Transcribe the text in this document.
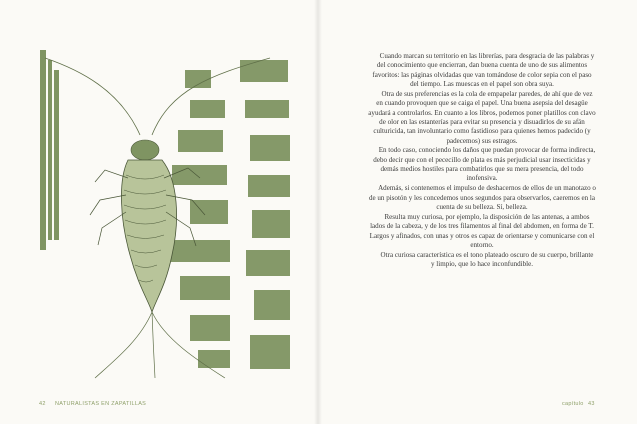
Cuando marcan su territorio en las librerías, para desgracia de las palabras y del conocimiento que encierran, dan buena cuenta de uno de sus alimentos favoritos: las páginas olvidadas que van tomándose de color sepia con el paso del tiempo. Las muescas en el papel son obra suya.

Otra de sus preferencias es la cola de empapelar paredes, de ahí que de vez en cuando provoquen que se caiga el papel. Una buena asepsia del desagüe ayudará a controlarlos. En cuanto a los libros, podemos poner platillos con clavo de olor en las estanterías para evitar su presencia y disuadirlos de su afán culturicida, tan involuntario como fastidioso para quienes hemos padecido (y padecemos) sus estragos.

En todo caso, conociendo los daños que puedan provocar de forma indirecta, debo decir que con el pececillo de plata es más perjudicial usar insecticidas y demás medios hostiles para combatirlos que su mera presencia, del todo inofensiva.

Además, si contenemos el impulso de deshacernos de ellos de un manotazo o de un pisotón y les concedemos unos segundos para observarlos, caeremos en la cuenta de su belleza. Sí, belleza.

Resulta muy curiosa, por ejemplo, la disposición de las antenas, a ambos lados de la cabeza, y de los tres filamentos al final del abdomen, en forma de T. Largos y afinados, con unas y otros es capaz de orientarse y comunicarse con el entorno.

Otra curiosa característica es el tono plateado oscuro de su cuerpo, brillante y limpio, que lo hace inconfundible.

42 NATURALISTAS EN ZAPATILLAS	capítulo 43
